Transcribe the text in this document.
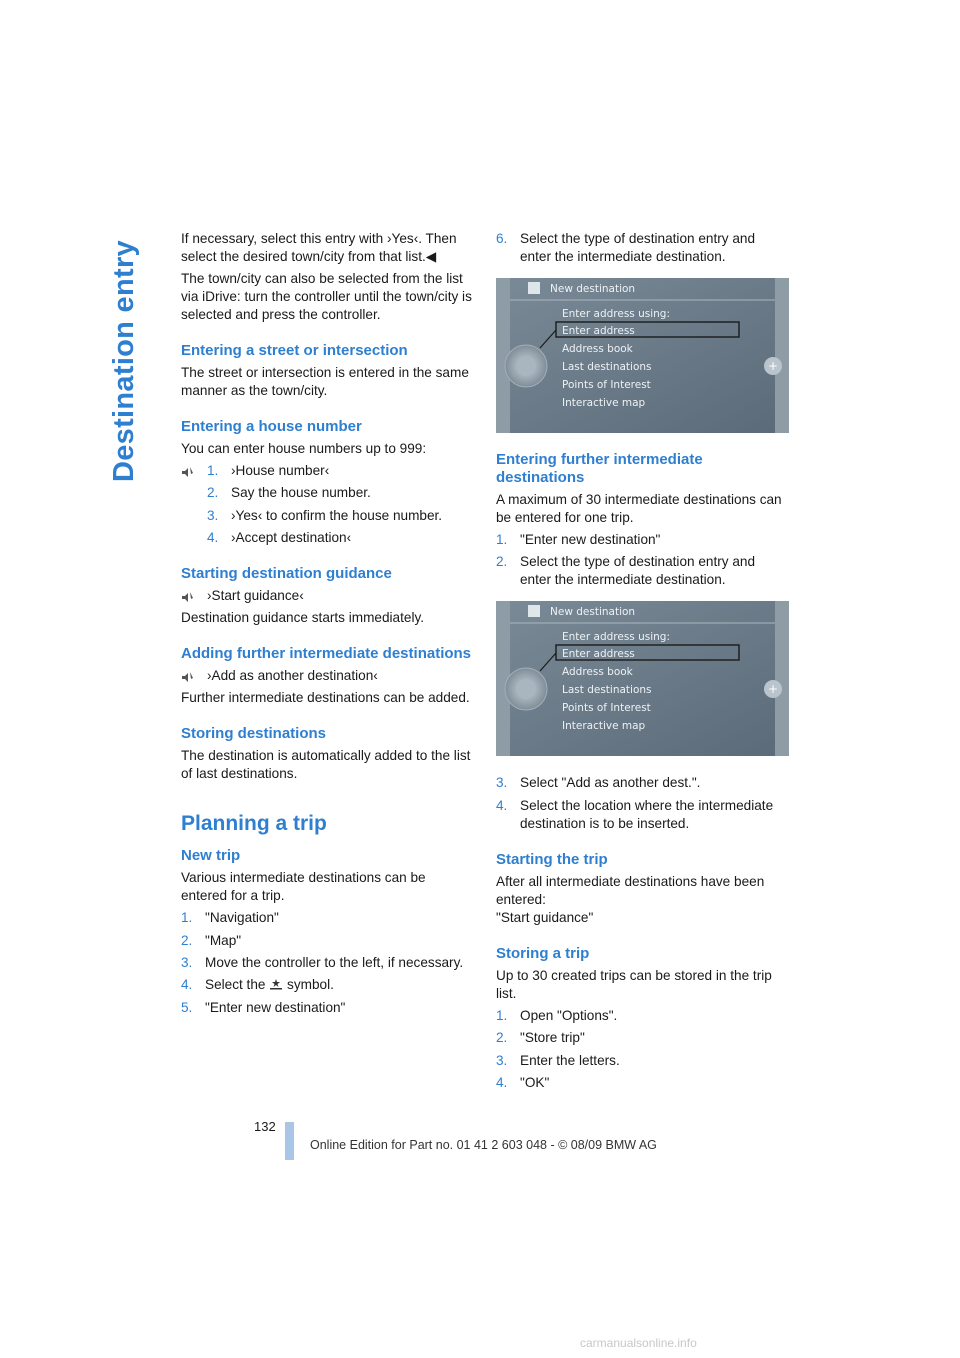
Destination entry

If necessary, select this entry with ›Yes‹. Then select the desired town/city from that list.◀

The town/city can also be selected from the list via iDrive: turn the controller until the town/city is selected and press the controller.

Entering a street or intersection

The street or intersection is entered in the same manner as the town/city.

Entering a house number

You can enter house numbers up to 999:

1. ›House number‹
2. Say the house number.
3. ›Yes‹ to confirm the house number.
4. ›Accept destination‹
Starting destination guidance
›Start guidance‹

Destination guidance starts immediately.

Adding further intermediate destinations
›Add as another destination‹

Further intermediate destinations can be added.

Storing destinations

The destination is automatically added to the list of last destinations.

Planning a trip
New trip

Various intermediate destinations can be entered for a trip.

1. "Navigation"
2. "Map"
3. Move the controller to the left, if necessary.
4. Select the symbol.
5. "Enter new destination"
6. Select the type of destination entry and enter the intermediate destination.
+
New destination
Enter address using:
Enter address
Address book
Last destinations
Points of Interest
Interactive map
Entering further intermediate destinations

A maximum of 30 intermediate destinations can be entered for one trip.

1. "Enter new destination"
2. Select the type of destination entry and enter the intermediate destination.
+
New destination
Enter address using:
Enter address
Address book
Last destinations
Points of Interest
Interactive map
3. Select "Add as another dest.".
4. Select the location where the intermediate destination is to be inserted.
Starting the trip

After all intermediate destinations have been entered:

"Start guidance"

Storing a trip

Up to 30 created trips can be stored in the trip list.

1. Open "Options".
2. "Store trip"
3. Enter the letters.
4. "OK"
132
Online Edition for Part no. 01 41 2 603 048 - © 08/09 BMW AG
carmanualsonline.info
